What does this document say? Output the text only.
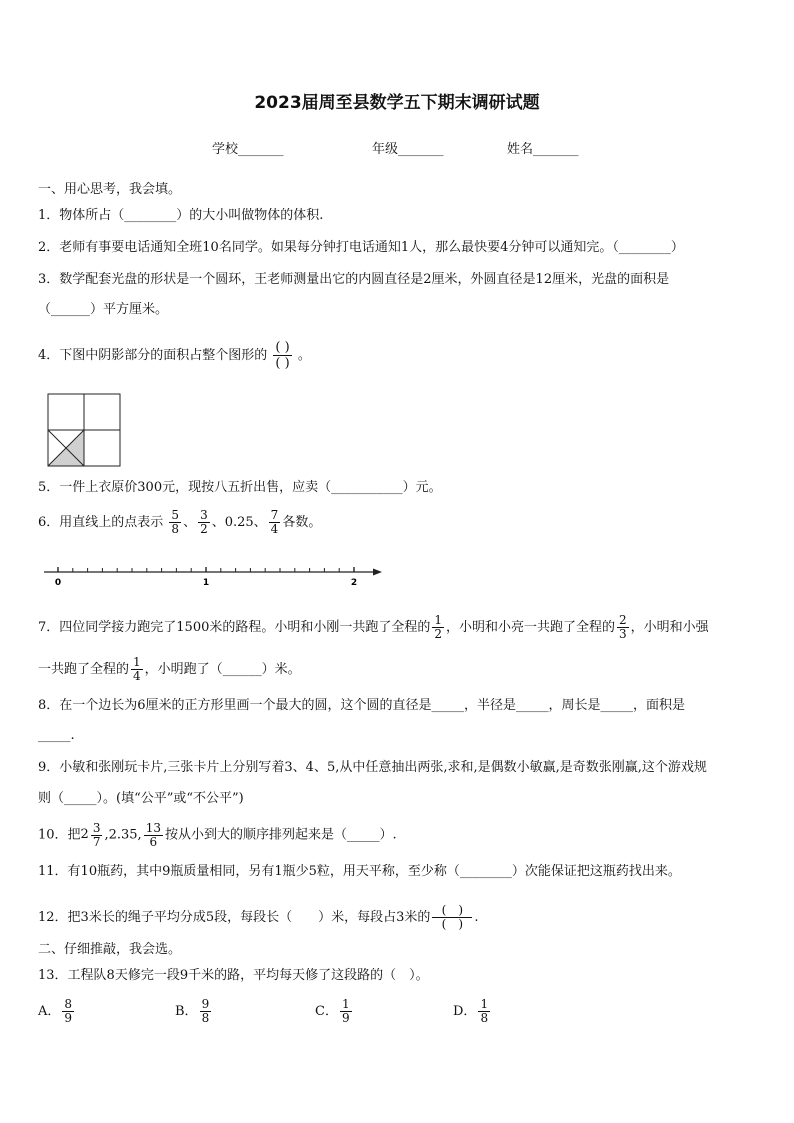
2023届周至县数学五下期末调研试题
学校_______	年级_______	姓名_______
一、用心思考，我会填。
1．物体所占（________）的大小叫做物体的体积.
2．老师有事要电话通知全班10名同学。如果每分钟打电话通知1人，那么最快要4分钟可以通知完。（________）
3．数学配套光盘的形状是一个圆环，王老师测量出它的内圆直径是2厘米，外圆直径是12厘米，光盘的面积是
（______）平方厘米。
4．下图中阴影部分的面积占整个图形的 $\frac{( )}{( )}$ 。
5．一件上衣原价300元，现按八五折出售，应卖（___________）元。
6．用直线上的点表示 $\frac{5}{8}$ 、 $\frac{3}{2}$ 、0.25、 $\frac{7}{4}$ 各数。
0	1	2
7．四位同学接力跑完了1500米的路程。小明和小刚一共跑了全程的 $\frac{1}{2}$ ，小明和小亮一共跑了全程的 $\frac{2}{3}$ ，小明和小强
一共跑了全程的 $\frac{1}{4}$ ，小明跑了（______）米。
8．在一个边长为6厘米的正方形里画一个最大的圆，这个圆的直径是_____，半径是_____，周长是_____，面积是
_____.
9．小敏和张刚玩卡片,三张卡片上分别写着3、4、5,从中任意抽出两张,求和,是偶数小敏赢,是奇数张刚赢,这个游戏规
则（_____）。(填“公平”或“不公平”)
10．把 $2 \frac{3}{7} ,2.35$, $\frac{13}{6}$ 按从小到大的顺序排列起来是（_____）.
11．有10瓶药，其中9瓶质量相同，另有1瓶少5粒，用天平称，至少称（________）次能保证把这瓶药找出来。
12．把3米长的绳子平均分成5段，每段长（　　）米，每段占3米的 $\frac{( )}{( )}$ .
二、仔细推敲，我会选。
13．工程队8天修完一段9千米的路，平均每天修了这段路的（　）。
A． $\frac{8}{9}$	B． $\frac{9}{8}$	C． $\frac{1}{9}$	D． $\frac{1}{8}$
